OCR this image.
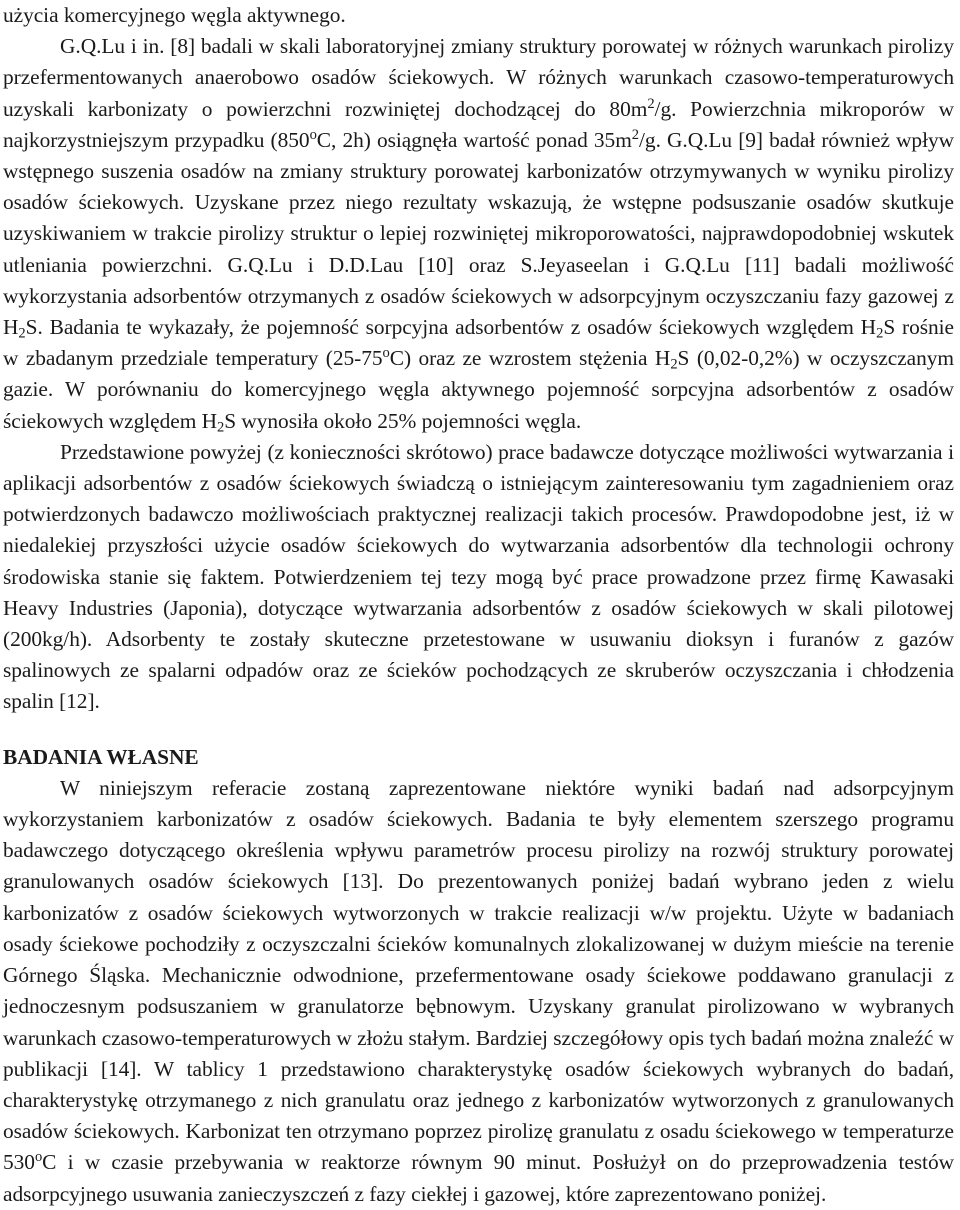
użycia komercyjnego węgla aktywnego.

G.Q.Lu i in. [8] badali w skali laboratoryjnej zmiany struktury porowatej w różnych warunkach pirolizy przefermentowanych anaerobowo osadów ściekowych. W różnych warunkach czasowo-temperaturowych uzyskali karbonizaty o powierzchni rozwiniętej dochodzącej do $80m^2/g$. Powierzchnia mikroporów w najkorzystniejszym przypadku (850$^o$C, 2h) osiągnęła wartość ponad $35m^2/g$. G.Q.Lu [9] badał również wpływ wstępnego suszenia osadów na zmiany struktury porowatej karbonizatów otrzymywanych w wyniku pirolizy osadów ściekowych. Uzyskane przez niego rezultaty wskazują, że wstępne podsuszanie osadów skutkuje uzyskiwaniem w trakcie pirolizy struktur o lepiej rozwiniętej mikroporowatości, najprawdopodobniej wskutek utleniania powierzchni. G.Q.Lu i D.D.Lau [10] oraz S.Jeyaseelan i G.Q.Lu [11] badali możliwość wykorzystania adsorbentów otrzymanych z osadów ściekowych w adsorpcyjnym oczyszczaniu fazy gazowej z $H_2S$. Badania te wykazały, że pojemność sorpcyjna adsorbentów z osadów ściekowych względem $H_2S$ rośnie w zbadanym przedziale temperatury (25-75$^o$C) oraz ze wzrostem stężenia $H_2S$ (0,02-0,2%) w oczyszczanym gazie. W porównaniu do komercyjnego węgla aktywnego pojemność sorpcyjna adsorbentów z osadów ściekowych względem $H_2S$ wynosiła około 25% pojemności węgla.

Przedstawione powyżej (z konieczności skrótowo) prace badawcze dotyczące możliwości wytwarzania i aplikacji adsorbentów z osadów ściekowych świadczą o istniejącym zainteresowaniu tym zagadnieniem oraz potwierdzonych badawczo możliwościach praktycznej realizacji takich procesów. Prawdopodobne jest, iż w niedalekiej przyszłości użycie osadów ściekowych do wytwarzania adsorbentów dla technologii ochrony środowiska stanie się faktem. Potwierdzeniem tej tezy mogą być prace prowadzone przez firmę Kawasaki Heavy Industries (Japonia), dotyczące wytwarzania adsorbentów z osadów ściekowych w skali pilotowej (200kg/h). Adsorbenty te zostały skuteczne przetestowane w usuwaniu dioksyn i furanów z gazów spalinowych ze spalarni odpadów oraz ze ścieków pochodzących ze skruberów oczyszczania i chłodzenia spalin [12].

BADANIA WŁASNE

W niniejszym referacie zostaną zaprezentowane niektóre wyniki badań nad adsorpcyjnym wykorzystaniem karbonizatów z osadów ściekowych. Badania te były elementem szerszego programu badawczego dotyczącego określenia wpływu parametrów procesu pirolizy na rozwój struktury porowatej granulowanych osadów ściekowych [13]. Do prezentowanych poniżej badań wybrano jeden z wielu karbonizatów z osadów ściekowych wytworzonych w trakcie realizacji w/w projektu. Użyte w badaniach osady ściekowe pochodziły z oczyszczalni ścieków komunalnych zlokalizowanej w dużym mieście na terenie Górnego Śląska. Mechanicznie odwodnione, przefermentowane osady ściekowe poddawano granulacji z jednoczesnym podsuszaniem w granulatorze bębnowym. Uzyskany granulat pirolizowano w wybranych warunkach czasowo-temperaturowych w złożu stałym. Bardziej szczegółowy opis tych badań można znaleźć w publikacji [14]. W tablicy 1 przedstawiono charakterystykę osadów ściekowych wybranych do badań, charakterystykę otrzymanego z nich granulatu oraz jednego z karbonizatów wytworzonych z granulowanych osadów ściekowych. Karbonizat ten otrzymano poprzez pirolizę granulatu z osadu ściekowego w temperaturze 530$^o$C i w czasie przebywania w reaktorze równym 90 minut. Posłużył on do przeprowadzenia testów adsorpcyjnego usuwania zanieczyszczeń z fazy ciekłej i gazowej, które zaprezentowano poniżej.
